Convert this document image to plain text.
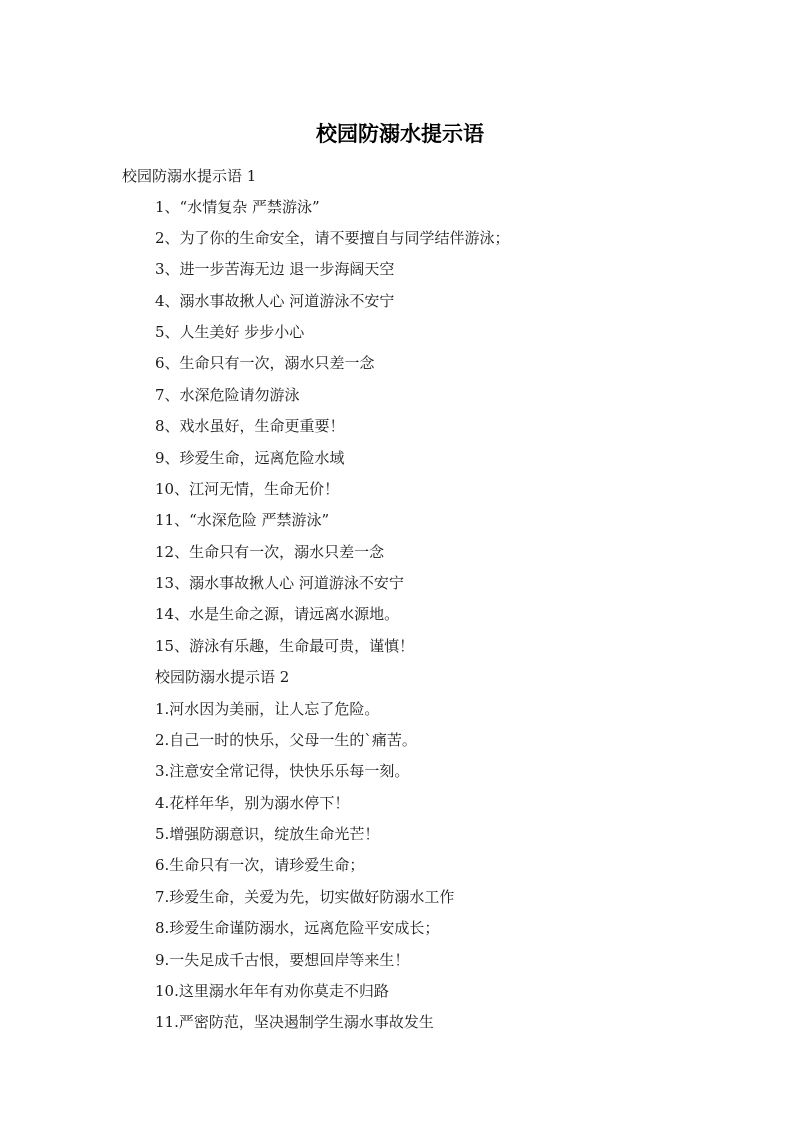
校园防溺水提示语
校园防溺水提示语 1
1、“水情复杂 严禁游泳”
2、为了你的生命安全，请不要擅自与同学结伴游泳；
3、进一步苦海无边 退一步海阔天空
4、溺水事故揪人心 河道游泳不安宁
5、人生美好 步步小心
6、生命只有一次，溺水只差一念
7、水深危险请勿游泳
8、戏水虽好，生命更重要！
9、珍爱生命，远离危险水域
10、江河无情，生命无价！
11、“水深危险 严禁游泳”
12、生命只有一次，溺水只差一念
13、溺水事故揪人心 河道游泳不安宁
14、水是生命之源，请远离水源地。
15、游泳有乐趣，生命最可贵，谨慎！
校园防溺水提示语 2
1.河水因为美丽，让人忘了危险。
2.自己一时的快乐，父母一生的`痛苦。
3.注意安全常记得，快快乐乐每一刻。
4.花样年华，别为溺水停下！
5.增强防溺意识，绽放生命光芒！
6.生命只有一次，请珍爱生命；
7.珍爱生命，关爱为先，切实做好防溺水工作
8.珍爱生命谨防溺水，远离危险平安成长；
9.一失足成千古恨，要想回岸等来生！
10.这里溺水年年有劝你莫走不归路
11.严密防范，坚决遏制学生溺水事故发生
